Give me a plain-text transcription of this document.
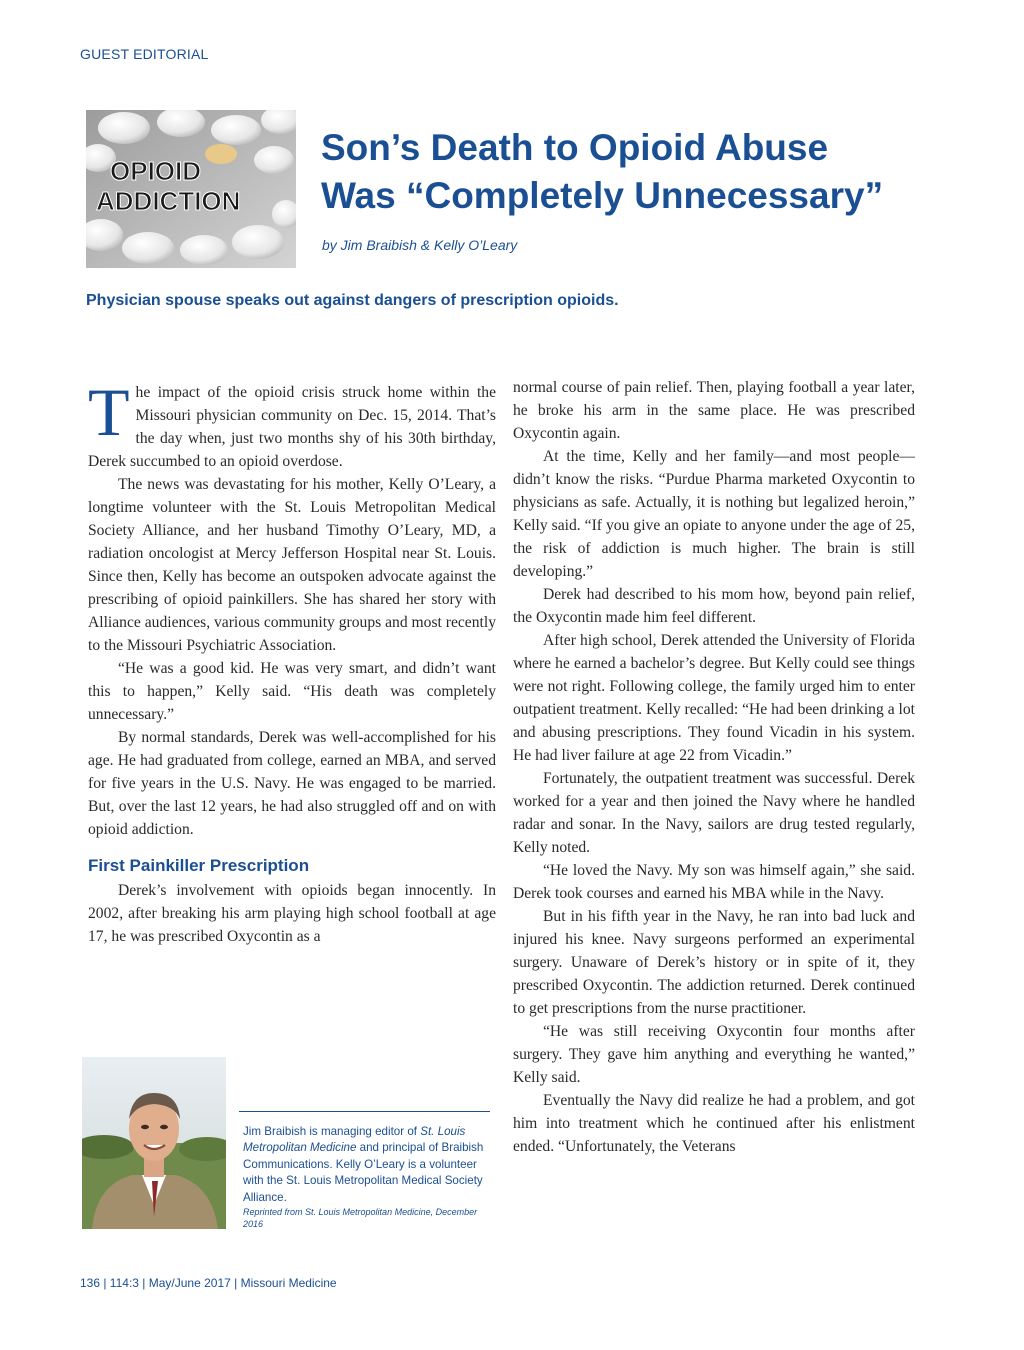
GUEST EDITORIAL
OPIOID
ADDICTION
Son’s Death to Opioid Abuse
Was “Completely Unnecessary”
by Jim Braibish & Kelly O’Leary
Physician spouse speaks out against dangers of prescription opioids.

The impact of the opioid crisis struck home within the Missouri physician community on Dec. 15, 2014. That’s the day when, just two months shy of his 30th birthday, Derek succumbed to an opioid overdose.

The news was devastating for his mother, Kelly O’Leary, a longtime volunteer with the St. Louis Metropolitan Medical Society Alliance, and her husband Timothy O’Leary, MD, a radiation oncologist at Mercy Jefferson Hospital near St. Louis. Since then, Kelly has become an outspoken advocate against the prescribing of opioid painkillers. She has shared her story with Alliance audiences, various community groups and most recently to the Missouri Psychiatric Association.

“He was a good kid. He was very smart, and didn’t want this to happen,” Kelly said. “His death was completely unnecessary.”

By normal standards, Derek was well-accomplished for his age. He had graduated from college, earned an MBA, and served for five years in the U.S. Navy. He was engaged to be married. But, over the last 12 years, he had also struggled off and on with opioid addiction.

First Painkiller Prescription

Derek’s involvement with opioids began innocently. In 2002, after breaking his arm playing high school football at age 17, he was prescribed Oxycontin as a

normal course of pain relief. Then, playing football a year later, he broke his arm in the same place. He was prescribed Oxycontin again.

At the time, Kelly and her family—and most people—didn’t know the risks. “Purdue Pharma marketed Oxycontin to physicians as safe. Actually, it is nothing but legalized heroin,” Kelly said. “If you give an opiate to anyone under the age of 25, the risk of addiction is much higher. The brain is still developing.”

Derek had described to his mom how, beyond pain relief, the Oxycontin made him feel different.

After high school, Derek attended the University of Florida where he earned a bachelor’s degree. But Kelly could see things were not right. Following college, the family urged him to enter outpatient treatment. Kelly recalled: “He had been drinking a lot and abusing prescriptions. They found Vicadin in his system. He had liver failure at age 22 from Vicadin.”

Fortunately, the outpatient treatment was successful. Derek worked for a year and then joined the Navy where he handled radar and sonar. In the Navy, sailors are drug tested regularly, Kelly noted.

“He loved the Navy. My son was himself again,” she said. Derek took courses and earned his MBA while in the Navy.

But in his fifth year in the Navy, he ran into bad luck and injured his knee. Navy surgeons performed an experimental surgery. Unaware of Derek’s history or in spite of it, they prescribed Oxycontin. The addiction returned. Derek continued to get prescriptions from the nurse practitioner.

“He was still receiving Oxycontin four months after surgery. They gave him anything and everything he wanted,” Kelly said.

Eventually the Navy did realize he had a problem, and got him into treatment which he continued after his enlistment ended. “Unfortunately, the Veterans

Jim Braibish is managing editor of St. Louis Metropolitan Medicine and principal of Braibish Communications. Kelly O’Leary is a volunteer with the St. Louis Metropolitan Medical Society Alliance.
Reprinted from St. Louis Metropolitan Medicine, December 2016
136 | 114:3 | May/June 2017 | Missouri Medicine
